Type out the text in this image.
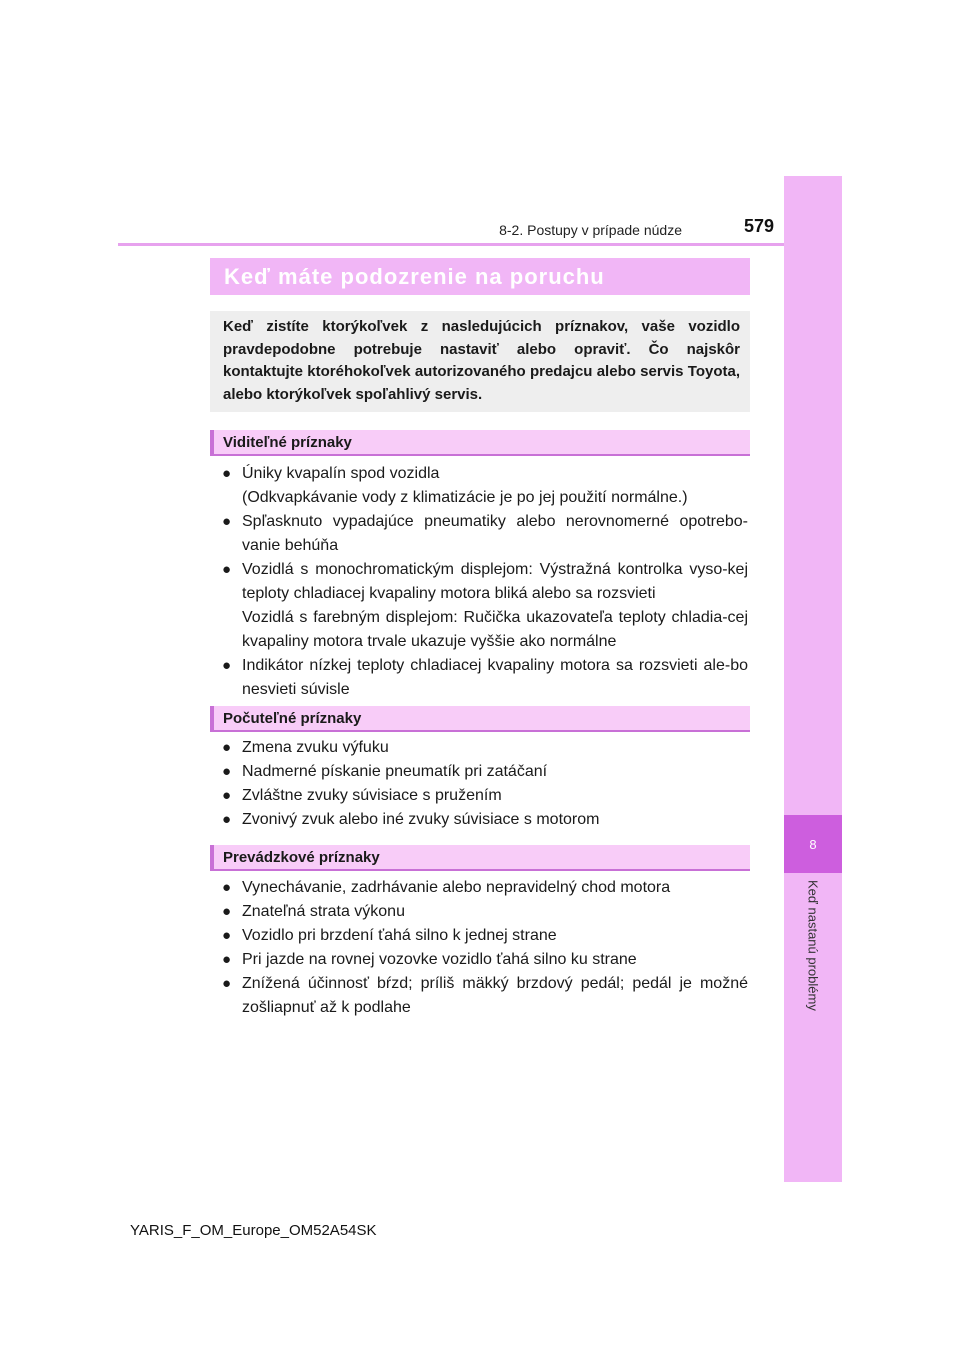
8
Keď nastanú problémy
8-2. Postupy v prípade núdze	579
Keď máte podozrenie na poruchu
Keď zistíte ktorýkoľvek z nasledujúcich príznakov, vaše vozidlo pravdepodobne potrebuje nastaviť alebo opraviť. Čo najskôr kontaktujte ktoréhokoľvek autorizovaného predajcu alebo servis Toyota, alebo ktorýkoľvek spoľahlivý servis.
Viditeľné príznaky
● Úniky kvapalín spod vozidla
(Odkvapkávanie vody z klimatizácie je po jej použití normálne.)
● Spľasknuto vypadajúce pneumatiky alebo nerovnomerné opotrebo-vanie behúňa
● Vozidlá s monochromatickým displejom: Výstražná kontrolka vyso-kej teploty chladiacej kvapaliny motora bliká alebo sa rozsvieti
Vozidlá s farebným displejom: Ručička ukazovateľa teploty chladia-cej kvapaliny motora trvale ukazuje vyššie ako normálne
● Indikátor nízkej teploty chladiacej kvapaliny motora sa rozsvieti ale-bo nesvieti súvisle
Počuteľné príznaky
● Zmena zvuku výfuku
● Nadmerné pískanie pneumatík pri zatáčaní
● Zvláštne zvuky súvisiace s pružením
● Zvonivý zvuk alebo iné zvuky súvisiace s motorom
Prevádzkové príznaky
● Vynechávanie, zadrhávanie alebo nepravidelný chod motora
● Znateľná strata výkonu
● Vozidlo pri brzdení ťahá silno k jednej strane
● Pri jazde na rovnej vozovke vozidlo ťahá silno ku strane
● Znížená účinnosť bŕzd; príliš mäkký brzdový pedál; pedál je možné zošliapnuť až k podlahe
YARIS_F_OM_Europe_OM52A54SK
